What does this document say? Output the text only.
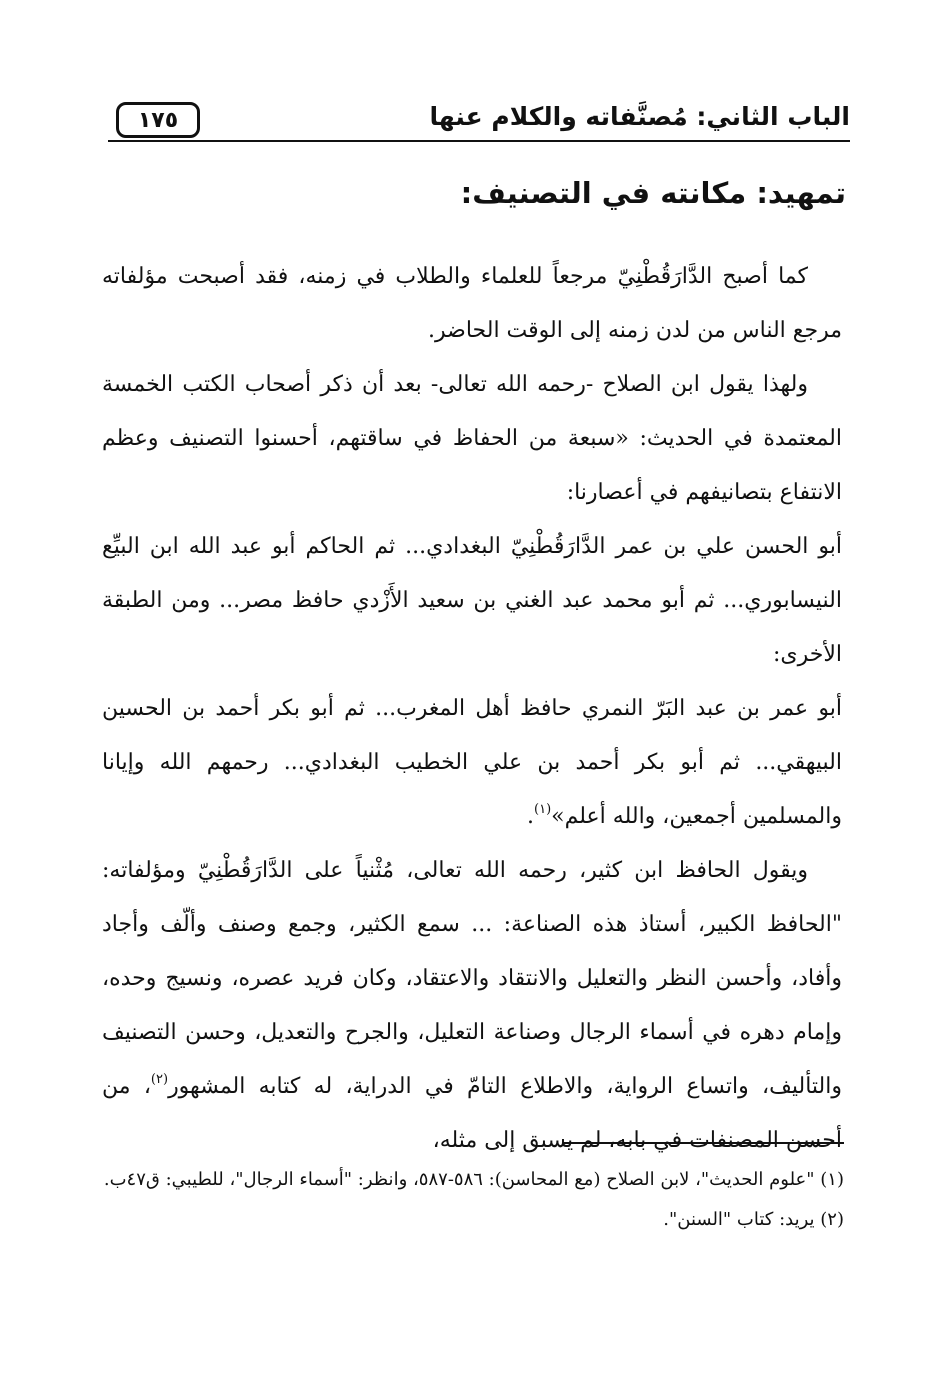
الباب الثاني: مُصنَّفاته والكلام عنها
١٧٥
تمهيد: مكانته في التصنيف:

كما أصبح الدَّارَقُطْنِيّ مرجعاً للعلماء والطلاب في زمنه، فقد أصبحت مؤلفاته مرجع الناس من لدن زمنه إلى الوقت الحاضر.

ولهذا يقول ابن الصلاح -رحمه الله تعالى- بعد أن ذكر أصحاب الكتب الخمسة المعتمدة في الحديث: «سبعة من الحفاظ في ساقتهم، أحسنوا التصنيف وعظم الانتفاع بتصانيفهم في أعصارنا:

أبو الحسن علي بن عمر الدَّارَقُطْنِيّ البغدادي... ثم الحاكم أبو عبد الله ابن البيِّع النيسابوري... ثم أبو محمد عبد الغني بن سعيد الأَزْدي حافظ مصر... ومن الطبقة الأخرى:

أبو عمر بن عبد البَرّ النمري حافظ أهل المغرب... ثم أبو بكر أحمد بن الحسين البيهقي... ثم أبو بكر أحمد بن علي الخطيب البغدادي... رحمهم الله وإيانا والمسلمين أجمعين، والله أعلم»$^{(١)}$.

ويقول الحافظ ابن كثير، رحمه الله تعالى، مُثْنياً على الدَّارَقُطْنِيّ ومؤلفاته: "الحافظ الكبير، أستاذ هذه الصناعة: ... سمع الكثير، وجمع وصنف وألّف وأجاد وأفاد، وأحسن النظر والتعليل والانتقاد والاعتقاد، وكان فريد عصره، ونسيج وحده، وإمام دهره في أسماء الرجال وصناعة التعليل، والجرح والتعديل، وحسن التصنيف والتأليف، واتساع الرواية، والاطلاع التامّ في الدراية، له كتابه المشهور$^{(٢)}$، من أحسن المصنفات في بابه، لم يسبق إلى مثله،

(١) "علوم الحديث"، لابن الصلاح (مع المحاسن): ٥٨٦-٥٨٧، وانظر: "أسماء الرجال"، للطيبي: ق٤٧ب.

(٢) يريد: كتاب "السنن".
